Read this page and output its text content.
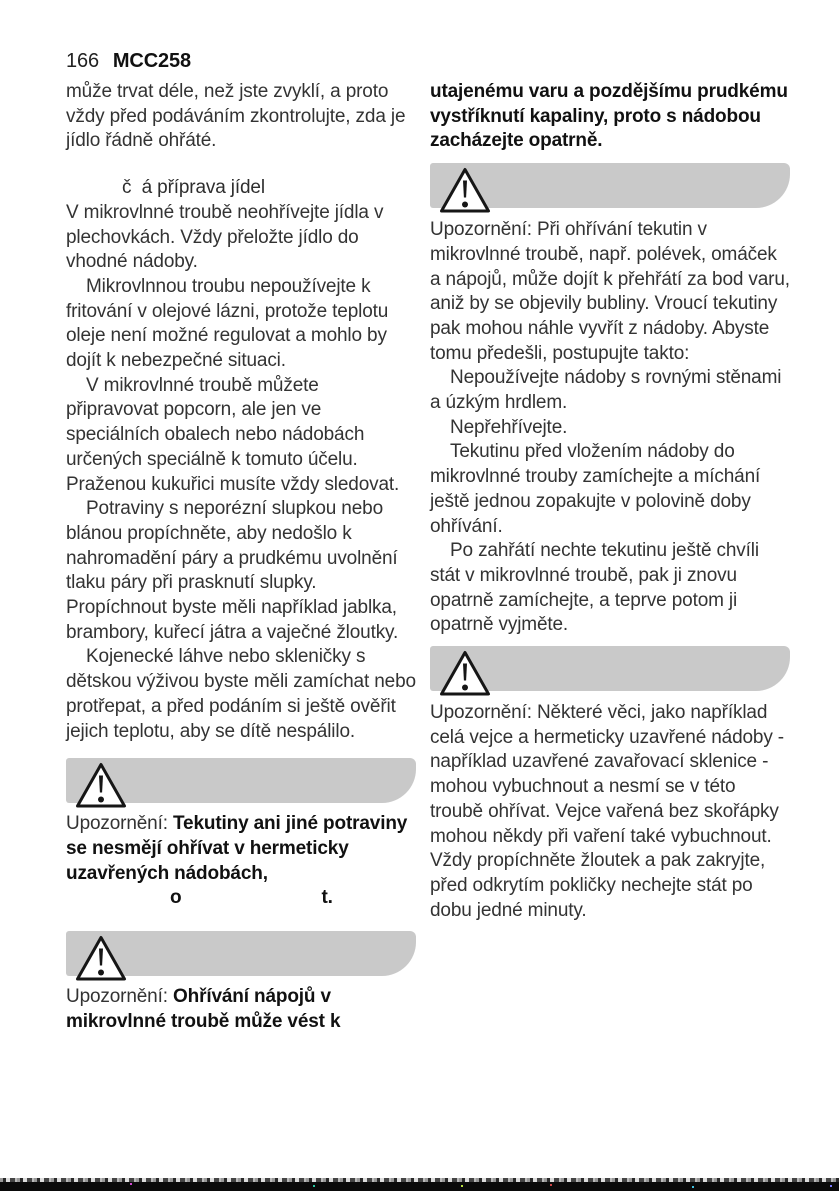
166 MCC258

může trvat déle, než jste zvyklí, a proto vždy před podáváním zkontrolujte, zda je jídlo řádně ohřáté.

č  á příprava jídel

V mikrovlnné troubě neohřívejte jídla v plechovkách. Vždy přeložte jídlo do vhodné nádoby.

Mikrovlnnou troubu nepoužívejte k fritování v olejové lázni, protože teplotu oleje není možné regulovat a mohlo by dojít k nebezpečné situaci.

V mikrovlnné troubě můžete připravovat popcorn, ale jen ve speciálních obalech nebo nádobách určených speciálně k tomuto účelu. Praženou kukuřici musíte vždy sledovat.

Potraviny s neporézní slupkou nebo blánou propíchněte, aby nedošlo k nahromadění páry a prudkému uvolnění tlaku páry při prasknutí slupky. Propíchnout byste měli například jablka, brambory, kuřecí játra a vaječné žloutky.

Kojenecké láhve nebo skleničky s dětskou výživou byste měli zamíchat nebo protřepat, a před podáním si ještě ověřit jejich teplotu, aby se dítě nespálilo.

Upozornění: Tekutiny ani jiné potraviny se nesmějí ohřívat v hermeticky uzavřených nádobách,

o	t.

Upozornění: Ohřívání nápojů v mikrovlnné troubě může vést k

utajenému varu a pozdějšímu prudkému vystříknutí kapaliny, proto s nádobou zacházejte opatrně.

Upozornění: Při ohřívání tekutin v mikrovlnné troubě, např. polévek, omáček a nápojů, může dojít k přehřátí za bod varu, aniž by se objevily bubliny. Vroucí tekutiny pak mohou náhle vyvřít z nádoby. Abyste tomu předešli, postupujte takto:

Nepoužívejte nádoby s rovnými stěnami a úzkým hrdlem.

Nepřehřívejte.

Tekutinu před vložením nádoby do mikrovlnné trouby zamíchejte a míchání ještě jednou zopakujte v polovině doby ohřívání.

Po zahřátí nechte tekutinu ještě chvíli stát v mikrovlnné troubě, pak ji znovu opatrně zamíchejte, a teprve potom ji opatrně vyjměte.

Upozornění: Některé věci, jako například celá vejce a hermeticky uzavřené nádoby - například uzavřené zavařovací sklenice - mohou vybuchnout a nesmí se v této troubě ohřívat. Vejce vařená bez skořápky mohou někdy při vaření také vybuchnout. Vždy propíchněte žloutek a pak zakryjte, před odkrytím pokličky nechejte stát po dobu jedné minuty.
